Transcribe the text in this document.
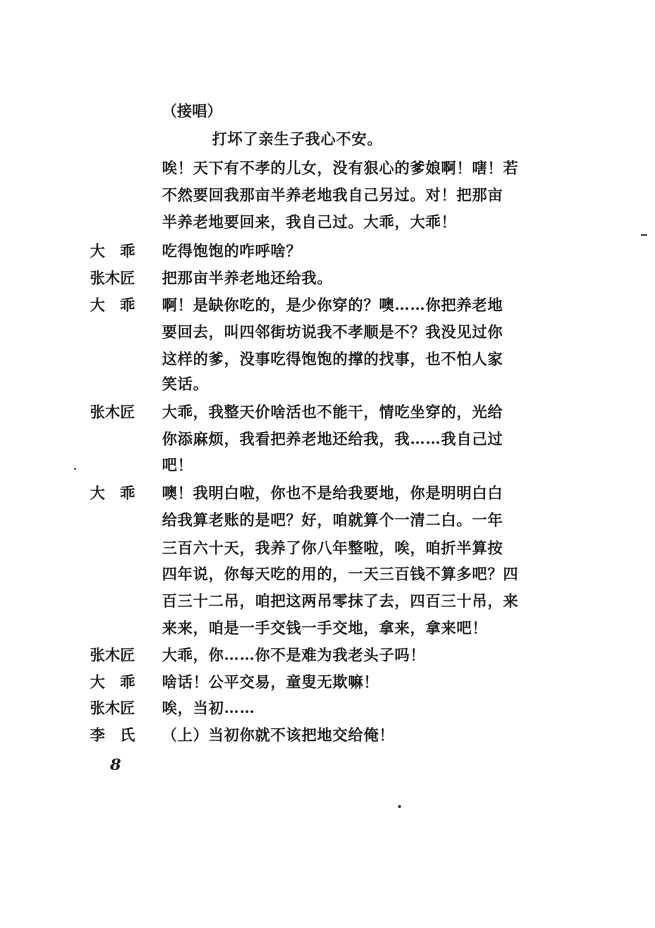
（接唱）
打坏了亲生子我心不安。
唉！天下有不孝的儿女，没有狠心的爹娘啊！嗐！若
不然要回我那亩半养老地我自己另过。对！把那亩
半养老地要回来，我自己过。大乖，大乖！
大　乖 吃得饱饱的咋呼啥？
张木匠 把那亩半养老地还给我。
大　乖 啊！是缺你吃的，是少你穿的？噢……你把养老地
要回去，叫四邻街坊说我不孝顺是不？我没见过你
这样的爹，没事吃得饱饱的撑的找事，也不怕人家
笑话。
张木匠 大乖，我整天价啥活也不能干，情吃坐穿的，光给
你添麻烦，我看把养老地还给我，我……我自己过
吧！
大　乖 噢！我明白啦，你也不是给我要地，你是明明白白
给我算老账的是吧？好，咱就算个一清二白。一年
三百六十天，我养了你八年整啦，唉，咱折半算按
四年说，你每天吃的用的，一天三百钱不算多吧？四
百三十二吊，咱把这两吊零抹了去，四百三十吊，来
来来，咱是一手交钱一手交地，拿来，拿来吧！
张木匠 大乖，你……你不是难为我老头子吗！
大　乖 啥话！公平交易，童叟无欺嘛！
张木匠 唉，当初……
李　氏 （上）当初你就不该把地交给俺！
8
